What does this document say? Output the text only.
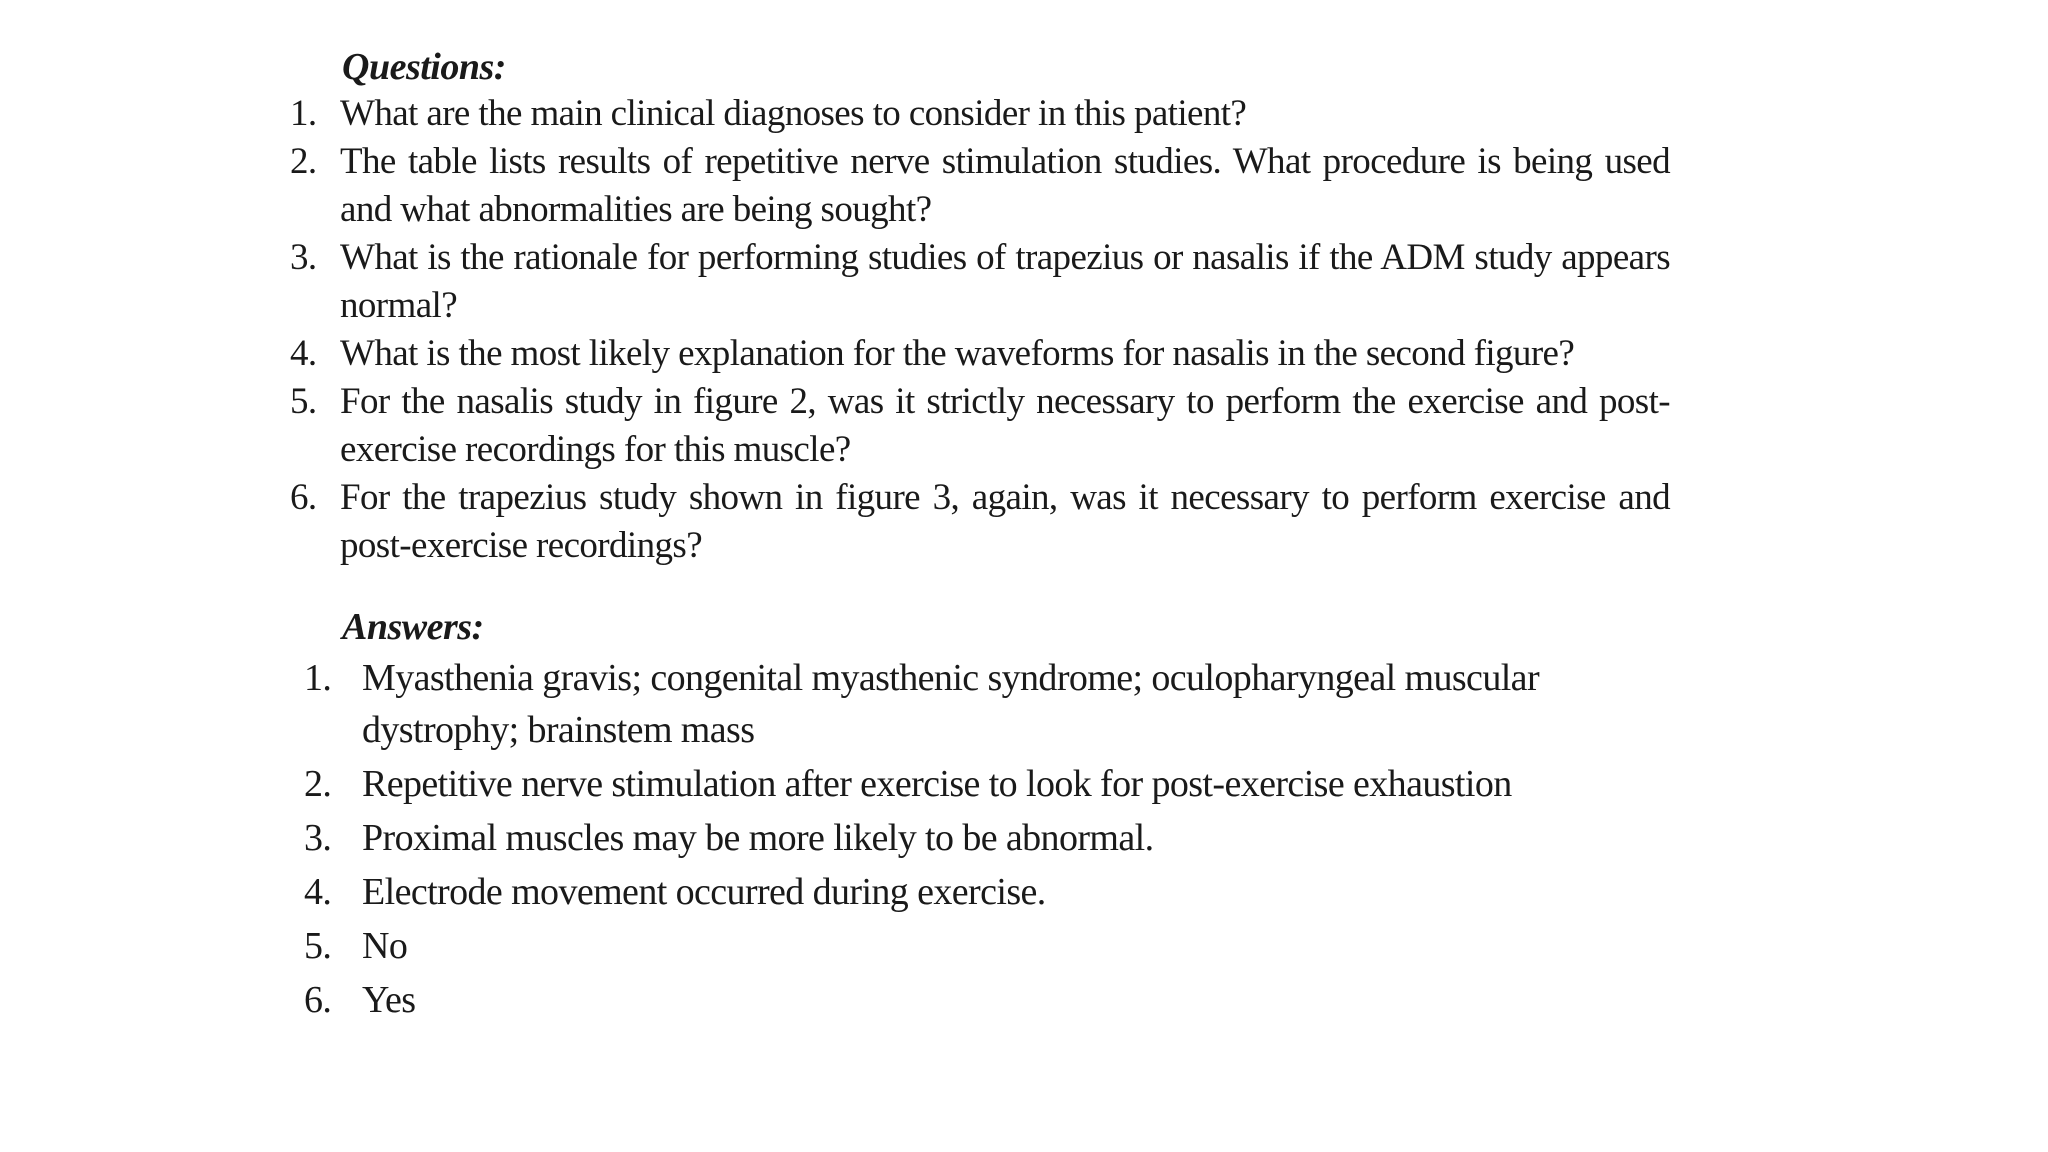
Questions:
1. What are the main clinical diagnoses to consider in this patient?
2. The table lists results of repetitive nerve stimulation studies. What procedure is being used and what abnormalities are being sought?
3. What is the rationale for performing studies of trapezius or nasalis if the ADM study appears normal?
4. What is the most likely explanation for the waveforms for nasalis in the second figure?
5. For the nasalis study in figure 2, was it strictly necessary to perform the exercise and post-exercise recordings for this muscle?
6. For the trapezius study shown in figure 3, again, was it necessary to perform exercise and post-exercise recordings?
Answers:
1. Myasthenia gravis; congenital myasthenic syndrome; oculopharyngeal muscular dystrophy; brainstem mass
2. Repetitive nerve stimulation after exercise to look for post-exercise exhaustion
3. Proximal muscles may be more likely to be abnormal.
4. Electrode movement occurred during exercise.
5. No
6. Yes
